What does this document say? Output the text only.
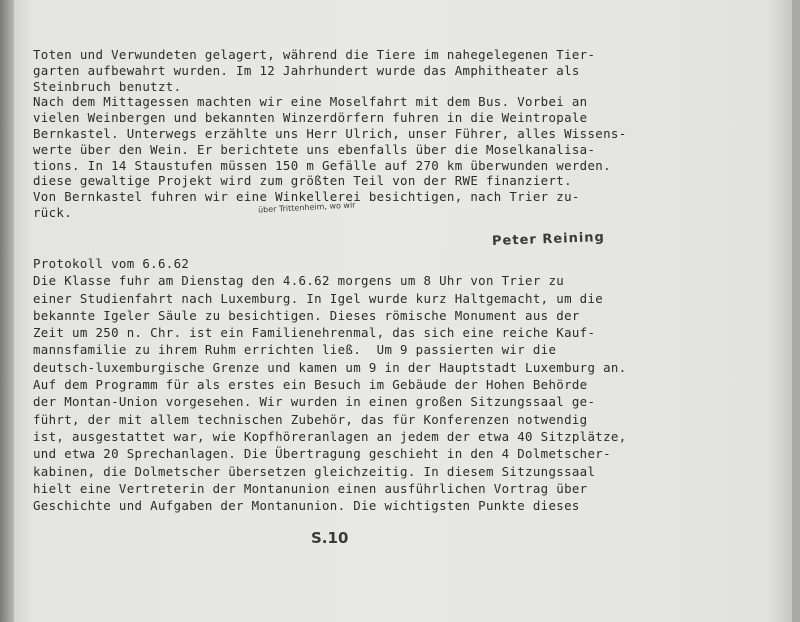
Toten und Verwundeten gelagert, während die Tiere im nahegelegenen Tier-
garten aufbewahrt wurden. Im 12 Jahrhundert wurde das Amphitheater als
Steinbruch benutzt.
Nach dem Mittagessen machten wir eine Moselfahrt mit dem Bus. Vorbei an
vielen Weinbergen und bekannten Winzerdörfern fuhren in die Weintropale
Bernkastel. Unterwegs erzählte uns Herr Ulrich, unser Führer, alles Wissens-
werte über den Wein. Er berichtete uns ebenfalls über die Moselkanalisa-
tions. In 14 Staustufen müssen 150 m Gefälle auf 270 km überwunden werden.
diese gewaltige Projekt wird zum größten Teil von der RWE finanziert.
Von Bernkastel fuhren wir eine Winkellerei besichtigen, nach Trier zu-
rück.	über Trittenheim, wo wir
Peter Reining
Protokoll vom 6.6.62
Die Klasse fuhr am Dienstag den 4.6.62 morgens um 8 Uhr von Trier zu
einer Studienfahrt nach Luxemburg. In Igel wurde kurz Haltgemacht, um die
bekannte Igeler Säule zu besichtigen. Dieses römische Monument aus der
Zeit um 250 n. Chr. ist ein Familienehrenmal, das sich eine reiche Kauf-
mannsfamilie zu ihrem Ruhm errichten ließ.  Um 9 passierten wir die
deutsch-luxemburgische Grenze und kamen um 9 in der Hauptstadt Luxemburg an.
Auf dem Programm für als erstes ein Besuch im Gebäude der Hohen Behörde
der Montan-Union vorgesehen. Wir wurden in einen großen Sitzungssaal ge-
führt, der mit allem technischen Zubehör, das für Konferenzen notwendig
ist, ausgestattet war, wie Kopfhöreranlagen an jedem der etwa 40 Sitzplätze,
und etwa 20 Sprechanlagen. Die Übertragung geschieht in den 4 Dolmetscher-
kabinen, die Dolmetscher übersetzen gleichzeitig. In diesem Sitzungssaal
hielt eine Vertreterin der Montanunion einen ausführlichen Vortrag über
Geschichte und Aufgaben der Montanunion. Die wichtigsten Punkte dieses
S.10
